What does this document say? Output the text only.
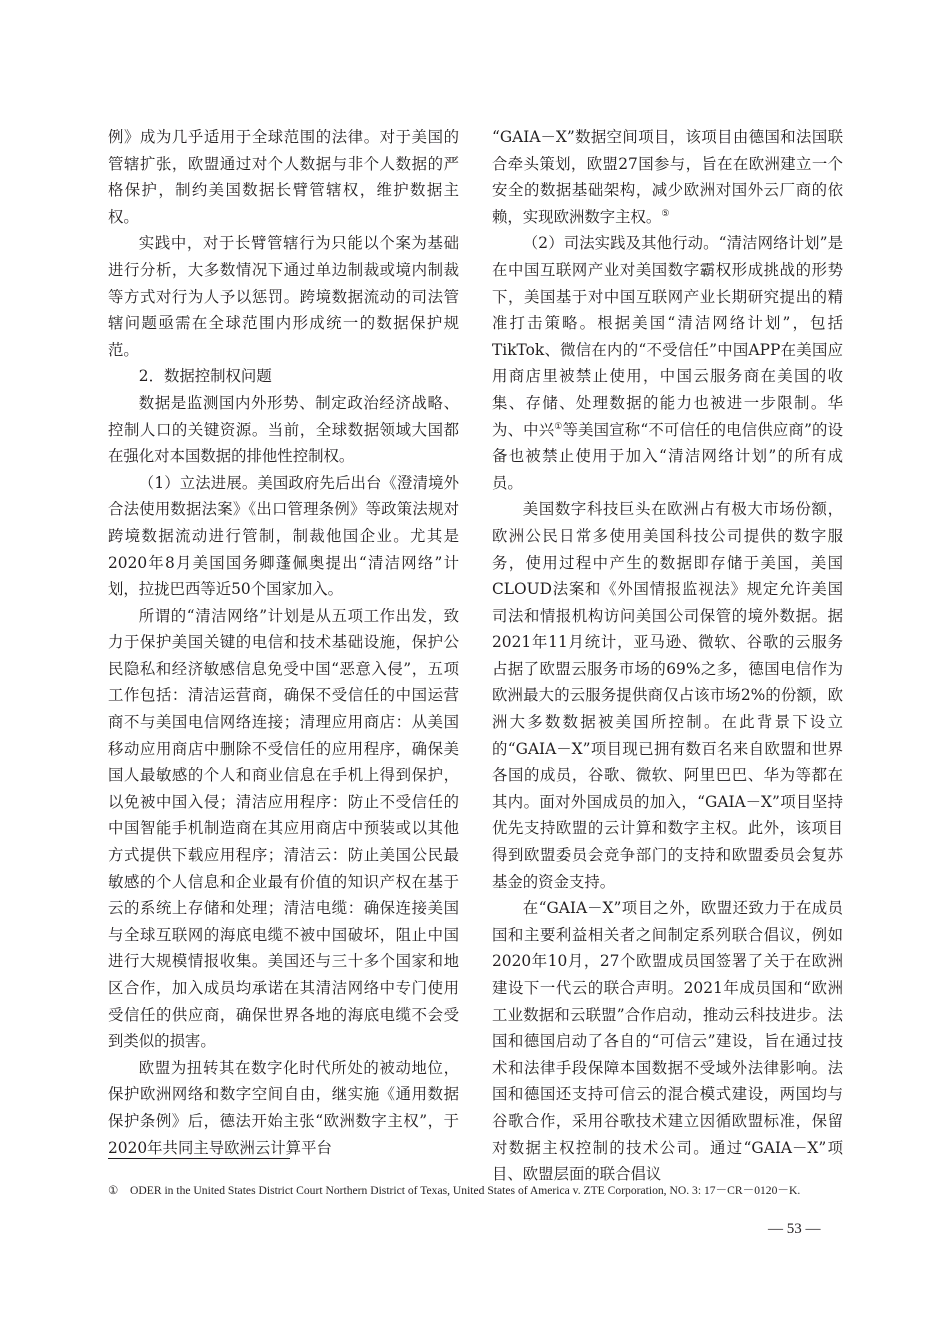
例》成为几乎适用于全球范围的法律。对于美国的管辖扩张，欧盟通过对个人数据与非个人数据的严格保护，制约美国数据长臂管辖权，维护数据主权。

实践中，对于长臂管辖行为只能以个案为基础进行分析，大多数情况下通过单边制裁或境内制裁等方式对行为人予以惩罚。跨境数据流动的司法管辖问题亟需在全球范围内形成统一的数据保护规范。

2．数据控制权问题

数据是监测国内外形势、制定政治经济战略、控制人口的关键资源。当前，全球数据领域大国都在强化对本国数据的排他性控制权。

（1）立法进展。美国政府先后出台《澄清境外合法使用数据法案》《出口管理条例》等政策法规对跨境数据流动进行管制，制裁他国企业。尤其是2020年8月美国国务卿蓬佩奥提出“清洁网络”计划，拉拢巴西等近50个国家加入。

所谓的“清洁网络”计划是从五项工作出发，致力于保护美国关键的电信和技术基础设施，保护公民隐私和经济敏感信息免受中国“恶意入侵”，五项工作包括：清洁运营商，确保不受信任的中国运营商不与美国电信网络连接；清理应用商店：从美国移动应用商店中删除不受信任的应用程序，确保美国人最敏感的个人和商业信息在手机上得到保护，以免被中国入侵；清洁应用程序：防止不受信任的中国智能手机制造商在其应用商店中预装或以其他方式提供下载应用程序；清洁云：防止美国公民最敏感的个人信息和企业最有价值的知识产权在基于云的系统上存储和处理；清洁电缆：确保连接美国与全球互联网的海底电缆不被中国破坏，阻止中国进行大规模情报收集。美国还与三十多个国家和地区合作，加入成员均承诺在其清洁网络中专门使用受信任的供应商，确保世界各地的海底电缆不会受到类似的损害。

欧盟为扭转其在数字化时代所处的被动地位，保护欧洲网络和数字空间自由，继实施《通用数据保护条例》后，德法开始主张“欧洲数字主权”，于2020年共同主导欧洲云计算平台

“GAIA－X”数据空间项目，该项目由德国和法国联合牵头策划，欧盟27国参与，旨在在欧洲建立一个安全的数据基础架构，减少欧洲对国外云厂商的依赖，实现欧洲数字主权。⑤

（2）司法实践及其他行动。“清洁网络计划”是在中国互联网产业对美国数字霸权形成挑战的形势下，美国基于对中国互联网产业长期研究提出的精准打击策略。根据美国“清洁网络计划”，包括TikTok、微信在内的“不受信任”中国APP在美国应用商店里被禁止使用，中国云服务商在美国的收集、存储、处理数据的能力也被进一步限制。华为、中兴①等美国宣称“不可信任的电信供应商”的设备也被禁止使用于加入“清洁网络计划”的所有成员。

美国数字科技巨头在欧洲占有极大市场份额，欧洲公民日常多使用美国科技公司提供的数字服务，使用过程中产生的数据即存储于美国，美国CLOUD法案和《外国情报监视法》规定允许美国司法和情报机构访问美国公司保管的境外数据。据2021年11月统计，亚马逊、微软、谷歌的云服务占据了欧盟云服务市场的69%之多，德国电信作为欧洲最大的云服务提供商仅占该市场2%的份额，欧洲大多数数据被美国所控制。在此背景下设立的“GAIA－X”项目现已拥有数百名来自欧盟和世界各国的成员，谷歌、微软、阿里巴巴、华为等都在其内。面对外国成员的加入，“GAIA－X”项目坚持优先支持欧盟的云计算和数字主权。此外，该项目得到欧盟委员会竞争部门的支持和欧盟委员会复苏基金的资金支持。

在“GAIA－X”项目之外，欧盟还致力于在成员国和主要利益相关者之间制定系列联合倡议，例如2020年10月，27个欧盟成员国签署了关于在欧洲建设下一代云的联合声明。2021年成员国和“欧洲工业数据和云联盟”合作启动，推动云科技进步。法国和德国启动了各自的“可信云”建设，旨在通过技术和法律手段保障本国数据不受域外法律影响。法国和德国还支持可信云的混合模式建设，两国均与谷歌合作，采用谷歌技术建立因循欧盟标准，保留对数据主权控制的技术公司。通过“GAIA－X”项目、欧盟层面的联合倡议

① ODER in the United States District Court Northern District of Texas, United States of America v. ZTE Corporation, NO. 3: 17－CR－0120－K.
— 53 —
